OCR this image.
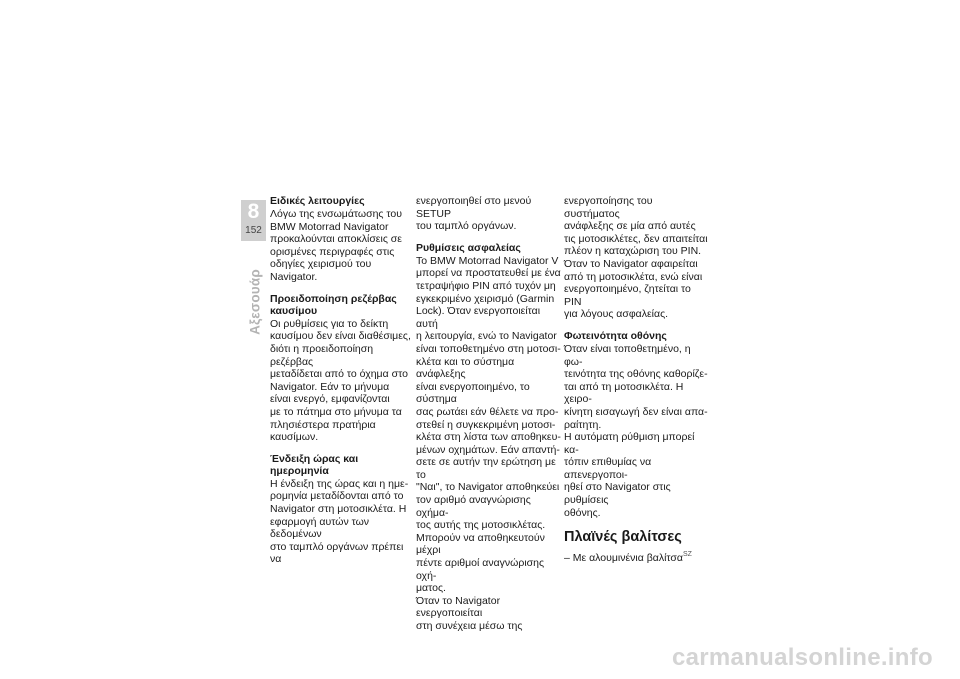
8
152
Αξεσουάρ

Ειδικές λειτουργίες

Λόγω της ενσωμάτωσης του
BMW Motorrad Navigator
προκαλούνται αποκλίσεις σε
ορισμένες περιγραφές στις
οδηγίες χειρισμού του Navigator.

Προειδοποίηση ρεζέρβας
καυσίμου

Οι ρυθμίσεις για το δείκτη
καυσίμου δεν είναι διαθέσιμες,
διότι η προειδοποίηση ρεζέρβας
μεταδίδεται από το όχημα στο
Navigator. Εάν το μήνυμα
είναι ενεργό, εμφανίζονται
με το πάτημα στο μήνυμα τα
πλησιέστερα πρατήρια καυσίμων.

Ένδειξη ώρας και
ημερομηνία

Η ένδειξη της ώρας και η ημε-
ρομηνία μεταδίδονται από το
Navigator στη μοτοσικλέτα. Η
εφαρμογή αυτών των δεδομένων
στο ταμπλό οργάνων πρέπει να

ενεργοποιηθεί στο μενού SETUP
του ταμπλό οργάνων.

Ρυθμίσεις ασφαλείας

Το BMW Motorrad Navigator V
μπορεί να προστατευθεί με ένα
τετραψήφιο PIN από τυχόν μη
εγκεκριμένο χειρισμό (Garmin
Lock). Όταν ενεργοποιείται αυτή
η λειτουργία, ενώ το Navigator
είναι τοποθετημένο στη μοτοσι-
κλέτα και το σύστημα ανάφλεξης
είναι ενεργοποιημένο, το σύστημα
σας ρωτάει εάν θέλετε να προ-
στεθεί η συγκεκριμένη μοτοσι-
κλέτα στη λίστα των αποθηκευ-
μένων οχημάτων. Εάν απαντή-
σετε σε αυτήν την ερώτηση με το
"Ναι", το Navigator αποθηκεύει
τον αριθμό αναγνώρισης οχήμα-
τος αυτής της μοτοσικλέτας.
Μπορούν να αποθηκευτούν μέχρι
πέντε αριθμοί αναγνώρισης οχή-
ματος.
Όταν το Navigator ενεργοποιείται
στη συνέχεια μέσω της

ενεργοποίησης του συστήματος
ανάφλεξης σε μία από αυτές
τις μοτοσικλέτες, δεν απαιτείται
πλέον η καταχώριση του PIN.
Όταν το Navigator αφαιρείται
από τη μοτοσικλέτα, ενώ είναι
ενεργοποιημένο, ζητείται το PIN
για λόγους ασφαλείας.

Φωτεινότητα οθόνης

Όταν είναι τοποθετημένο, η φω-
τεινότητα της οθόνης καθορίζε-
ται από τη μοτοσικλέτα. Η χειρο-
κίνητη εισαγωγή δεν είναι απα-
ραίτητη.
Η αυτόματη ρύθμιση μπορεί κα-
τόπιν επιθυμίας να απενεργοποι-
ηθεί στο Navigator στις ρυθμίσεις
οθόνης.

Πλαϊνές βαλίτσες

– Με αλουμινένια βαλίτσα$^{SZ}$

carmanualsonline.info
